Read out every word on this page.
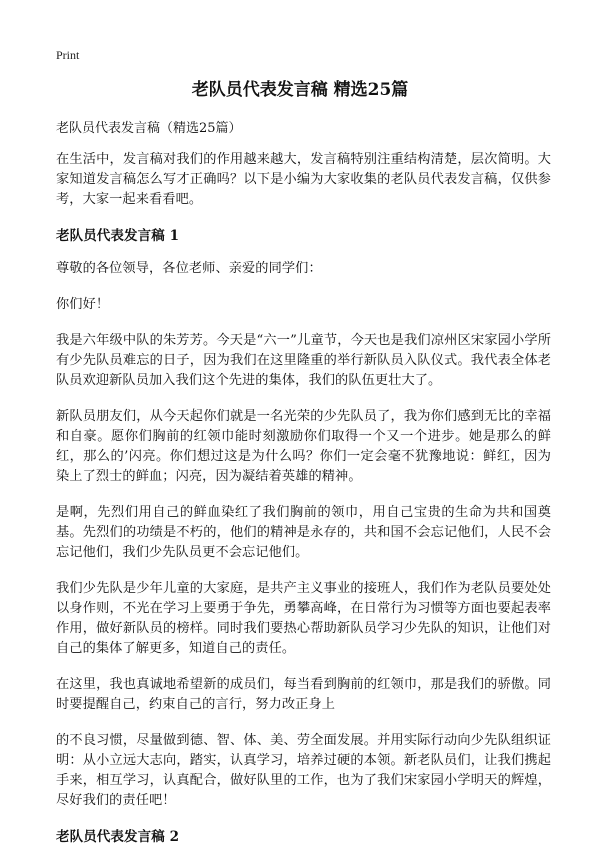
Print
老队员代表发言稿 精选25篇
老队员代表发言稿（精选25篇）

在生活中，发言稿对我们的作用越来越大，发言稿特别注重结构清楚，层次简明。大家知道发言稿怎么写才正确吗？以下是小编为大家收集的老队员代表发言稿，仅供参考，大家一起来看看吧。

老队员代表发言稿 1

尊敬的各位领导，各位老师、亲爱的同学们：

你们好！

我是六年级中队的朱芳芳。今天是“六一”儿童节，今天也是我们凉州区宋家园小学所有少先队员难忘的日子，因为我们在这里隆重的举行新队员入队仪式。我代表全体老队员欢迎新队员加入我们这个先进的集体，我们的队伍更壮大了。

新队员朋友们，从今天起你们就是一名光荣的少先队员了，我为你们感到无比的幸福和自豪。愿你们胸前的红领巾能时刻激励你们取得一个又一个进步。她是那么的鲜红，那么的’闪亮。你们想过这是为什么吗？你们一定会毫不犹豫地说：鲜红，因为染上了烈士的鲜血；闪亮，因为凝结着英雄的精神。

是啊，先烈们用自己的鲜血染红了我们胸前的领巾，用自己宝贵的生命为共和国奠基。先烈们的功绩是不朽的，他们的精神是永存的，共和国不会忘记他们，人民不会忘记他们，我们少先队员更不会忘记他们。

我们少先队是少年儿童的大家庭，是共产主义事业的接班人，我们作为老队员要处处以身作则，不光在学习上要勇于争先，勇攀高峰，在日常行为习惯等方面也要起表率作用，做好新队员的榜样。同时我们要热心帮助新队员学习少先队的知识，让他们对自己的集体了解更多，知道自己的责任。

在这里，我也真诚地希望新的成员们，每当看到胸前的红领巾，那是我们的骄傲。同时要提醒自己，约束自己的言行，努力改正身上

的不良习惯，尽量做到德、智、体、美、劳全面发展。并用实际行动向少先队组织证明：从小立远大志向，踏实，认真学习，培养过硬的本领。新老队员们，让我们携起手来，相互学习，认真配合，做好队里的工作，也为了我们宋家园小学明天的辉煌，尽好我们的责任吧！

老队员代表发言稿 2
